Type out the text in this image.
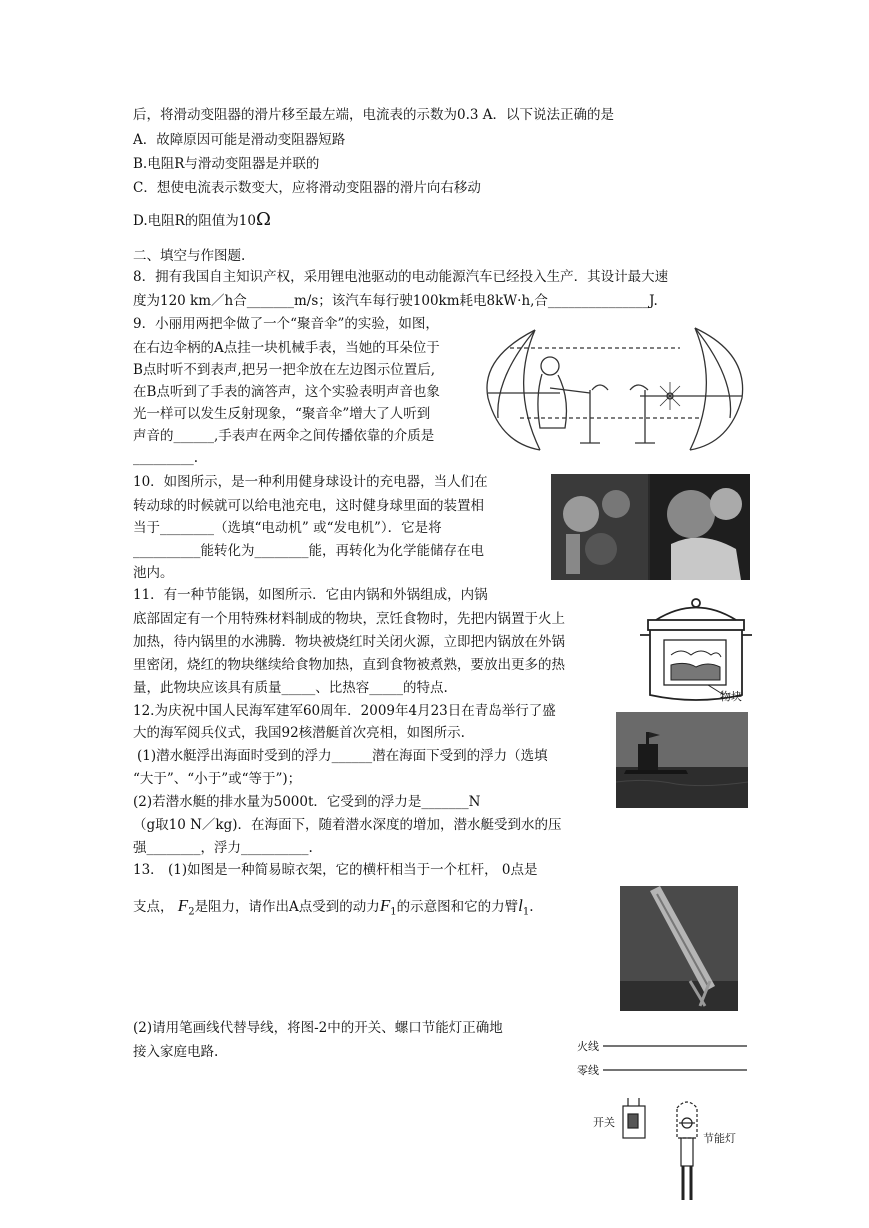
后，将滑动变阻器的滑片移至最左端，电流表的示数为0.3 A．以下说法正确的是
A．故障原因可能是滑动变阻器短路
B.电阻R与滑动变阻器是并联的
C．想使电流表示数变大，应将滑动变阻器的滑片向右移动
D.电阻R的阻值为10Ω
二、填空与作图题.
8．拥有我国自主知识产权，采用锂电池驱动的电动能源汽车已经投入生产．其设计最大速
度为120 km／h合_______m/s；该汽车每行驶100km耗电8kW·h,合_______________J.
9．小丽用两把伞做了一个“聚音伞”的实验，如图，
在右边伞柄的A点挂一块机械手表，当她的耳朵位于
B点时听不到表声,把另一把伞放在左边图示位置后,
在B点听到了手表的滴答声，这个实验表明声音也象
光一样可以发生反射现象，“聚音伞”增大了人听到
声音的______,手表声在两伞之间传播依靠的介质是
_________.
10．如图所示，是一种利用健身球设计的充电器，当人们在
转动球的时候就可以给电池充电，这时健身球里面的装置相
当于________（选填“电动机” 或“发电机”）．它是将
__________能转化为________能，再转化为化学能储存在电
池内。
11．有一种节能锅，如图所示．它由内锅和外锅组成，内锅
底部固定有一个用特殊材料制成的物块，烹饪食物时，先把内锅置于火上
加热，待内锅里的水沸腾．物块被烧红时关闭火源，立即把内锅放在外锅
里密闭，烧红的物块继续给食物加热，直到食物被煮熟，要放出更多的热
量，此物块应该具有质量_____、比热容_____的特点.
物块
12.为庆祝中国人民海军建军60周年．2009年4月23日在青岛举行了盛
大的海军阅兵仪式，我国92核潜艇首次亮相，如图所示.
(1)潜水艇浮出海面时受到的浮力______潜在海面下受到的浮力（选填
“大于”、“小于”或“等于”)；
(2)若潜水艇的排水量为5000t．它受到的浮力是_______N
（g取10 N／kg)．在海面下，随着潜水深度的增加，潜水艇受到水的压
强________，浮力__________.
13． (1)如图是一种简易晾衣架，它的横杆相当于一个杠杆， 0点是
支点， $F_2$是阻力，请作出A点受到的动力$F_1$的示意图和它的力臂$l_1$.
(2)请用笔画线代替导线，将图-2中的开关、螺口节能灯正确地
接入家庭电路.	火线
零线
开关
节能灯
